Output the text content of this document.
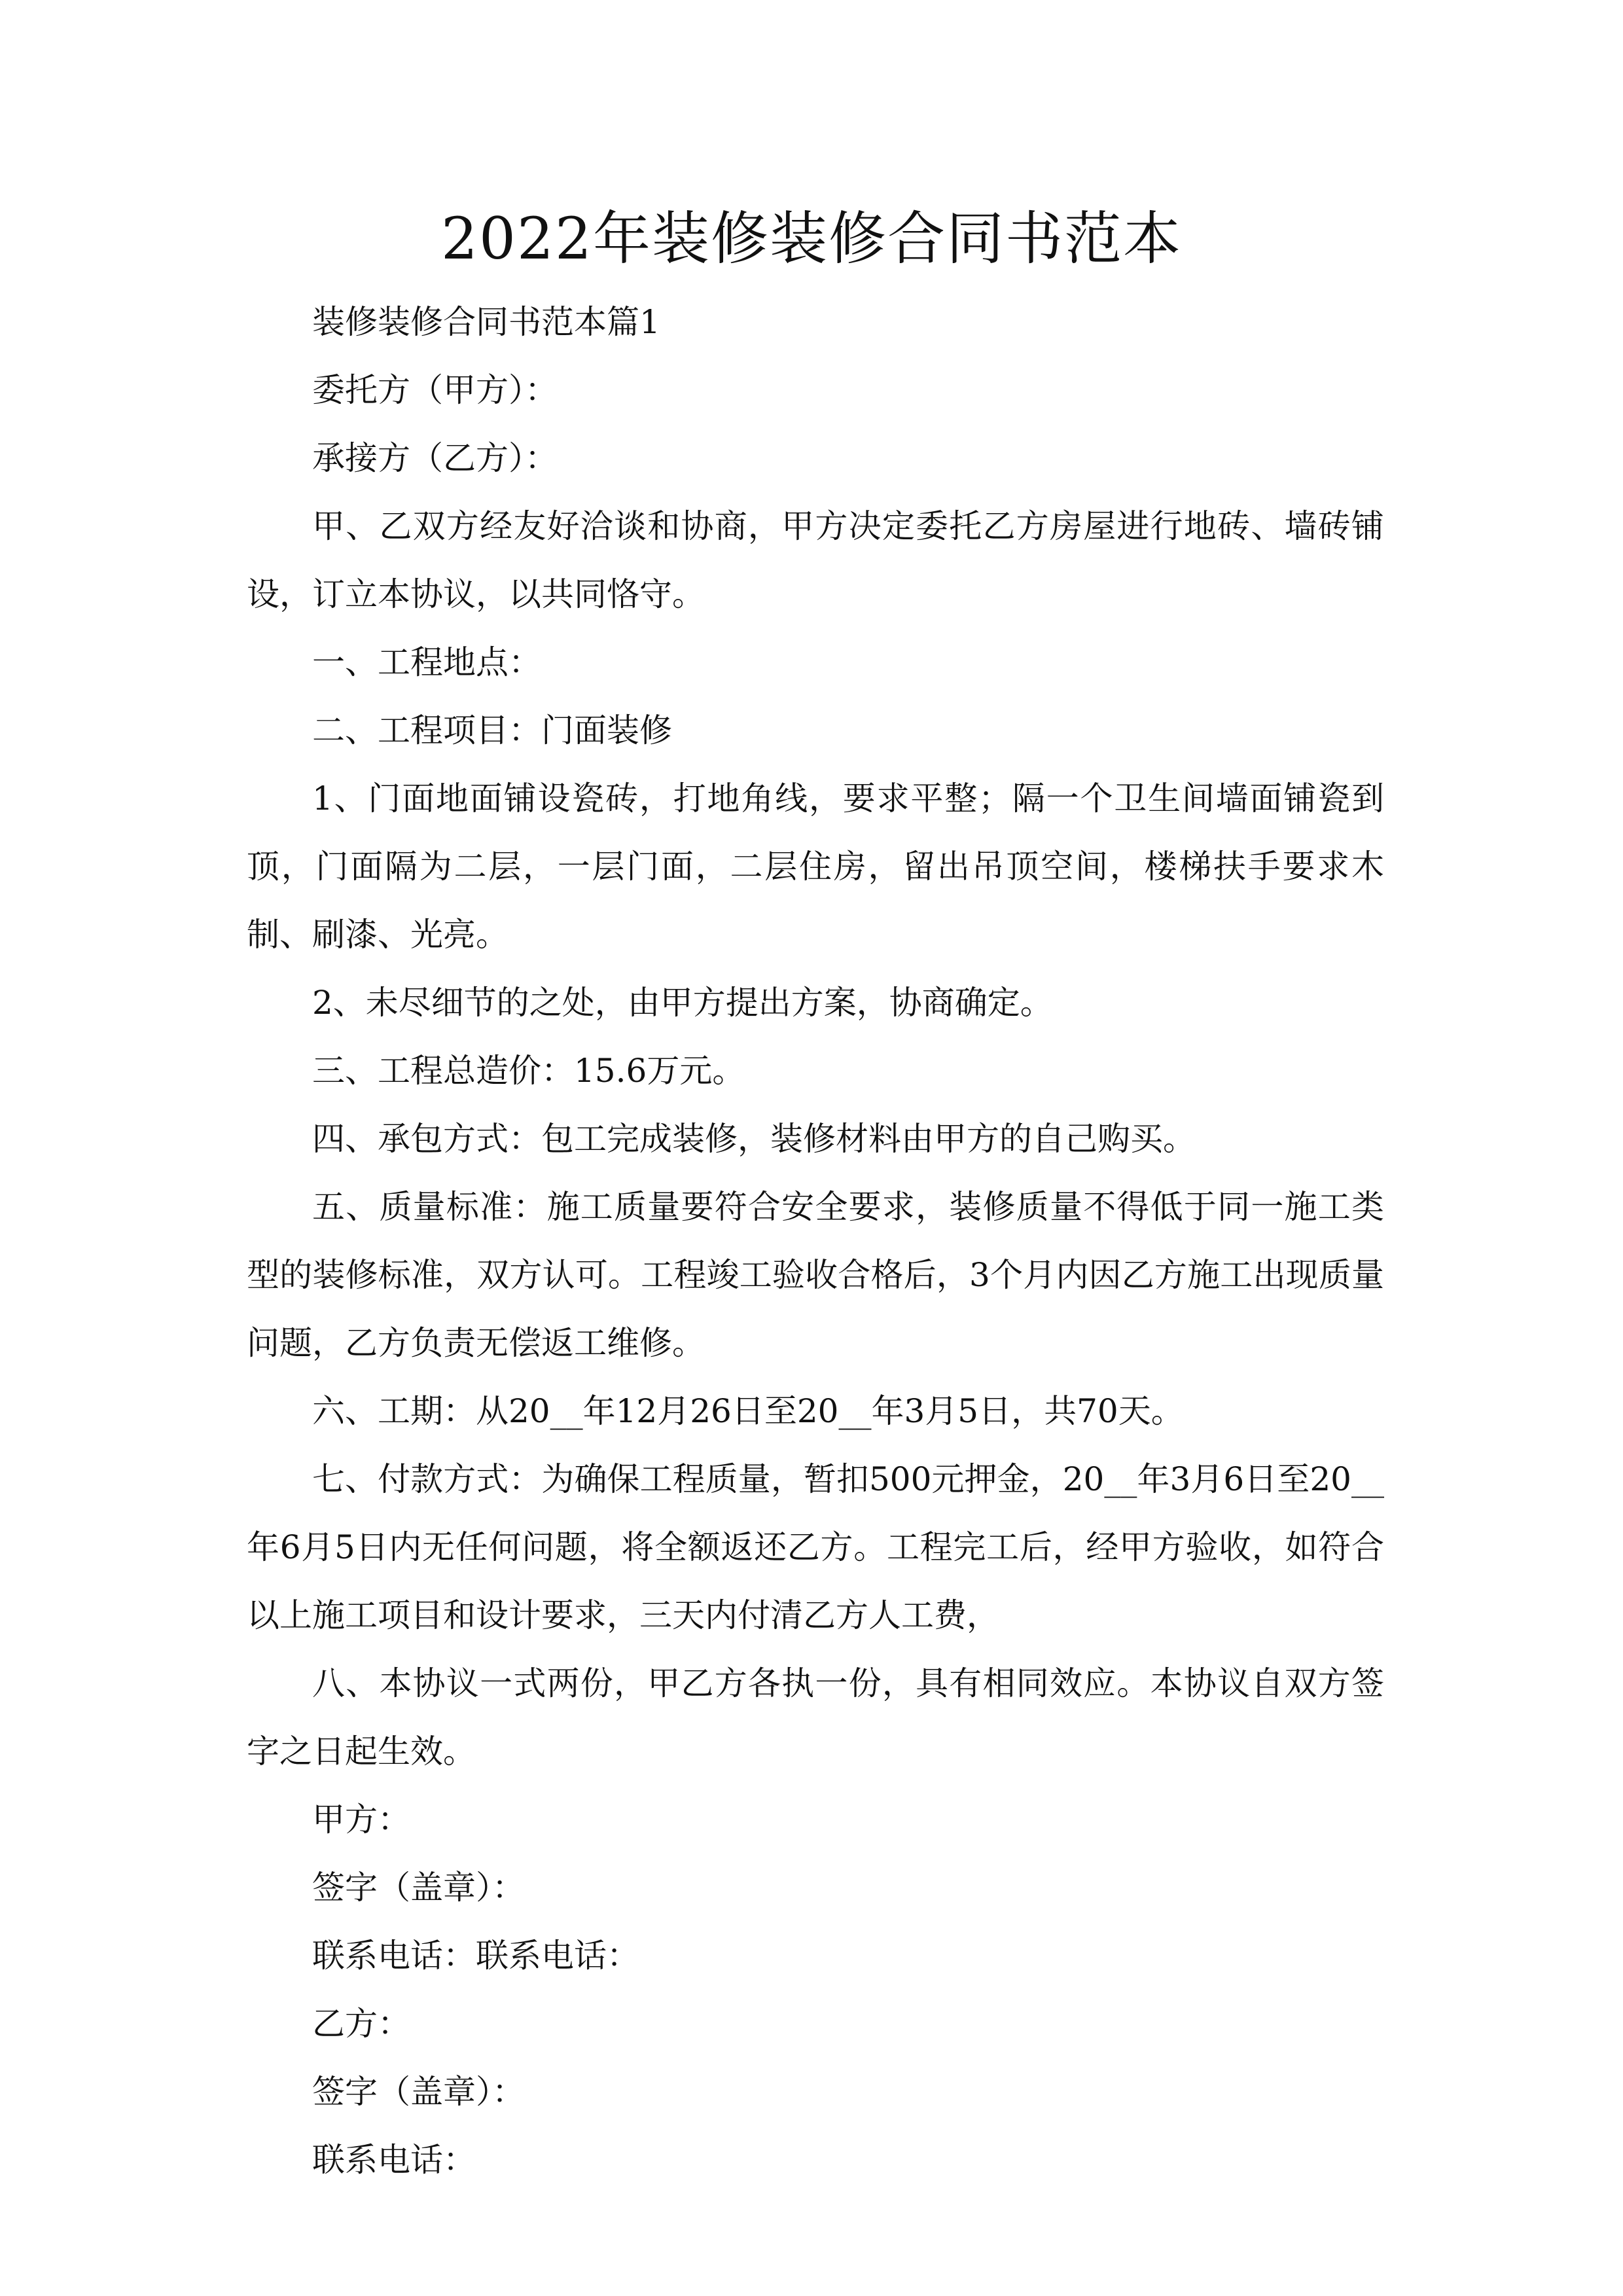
2022年装修装修合同书范本

装修装修合同书范本篇1

委托方（甲方）：

承接方（乙方）：

甲、乙双方经友好洽谈和协商，甲方决定委托乙方房屋进行地砖、墙砖铺设，订立本协议，以共同恪守。

一、工程地点：

二、工程项目：门面装修

1、门面地面铺设瓷砖，打地角线，要求平整；隔一个卫生间墙面铺瓷到顶，门面隔为二层，一层门面，二层住房，留出吊顶空间，楼梯扶手要求木制、刷漆、光亮。

2、未尽细节的之处，由甲方提出方案，协商确定。

三、工程总造价：15.6万元。

四、承包方式：包工完成装修，装修材料由甲方的自己购买。

五、质量标准：施工质量要符合安全要求，装修质量不得低于同一施工类型的装修标准，双方认可。工程竣工验收合格后，3个月内因乙方施工出现质量问题，乙方负责无偿返工维修。

六、工期：从20__年12月26日至20__年3月5日，共70天。

七、付款方式：为确保工程质量，暂扣500元押金，20__年3月6日至20__年6月5日内无任何问题，将全额返还乙方。工程完工后，经甲方验收，如符合以上施工项目和设计要求，三天内付清乙方人工费，

八、本协议一式两份，甲乙方各执一份，具有相同效应。本协议自双方签字之日起生效。

甲方：

签字（盖章）：

联系电话：联系电话：

乙方：

签字（盖章）：

联系电话：
